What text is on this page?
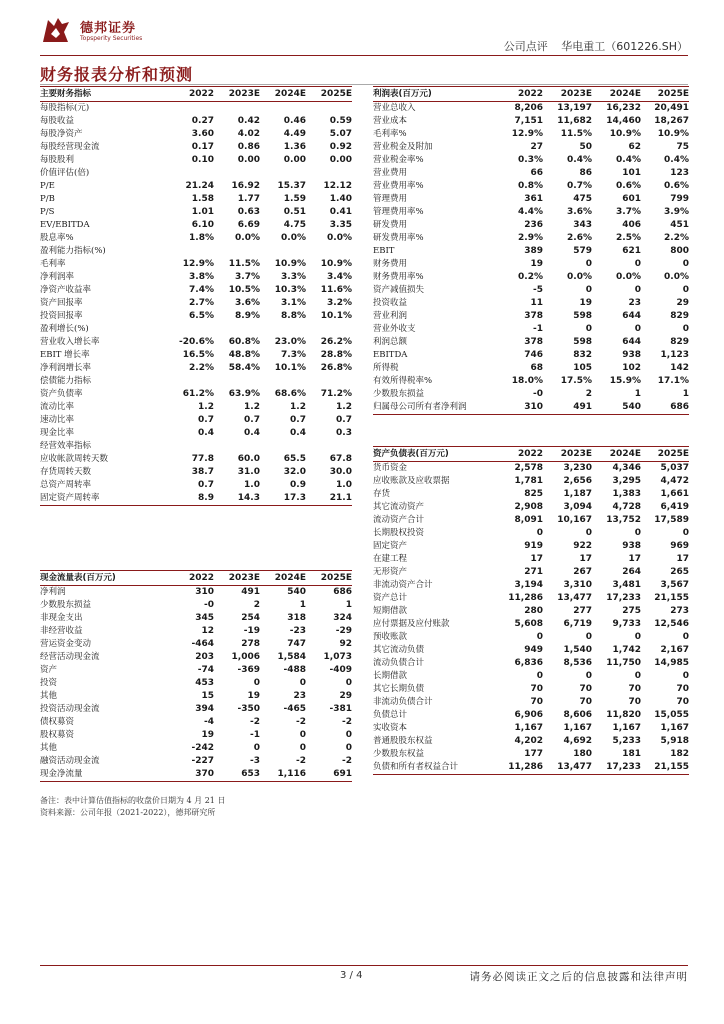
德邦证券
Topsperity Securities
公司点评 华电重工（601226.SH）
财务报表分析和预测
主要财务指标	2022	2023E	2024E	2025E
每股指标(元)				
每股收益	0.27	0.42	0.46	0.59
每股净资产	3.60	4.02	4.49	5.07
每股经营现金流	0.17	0.86	1.36	0.92
每股股利	0.10	0.00	0.00	0.00
价值评估(倍)				
P/E	21.24	16.92	15.37	12.12
P/B	1.58	1.77	1.59	1.40
P/S	1.01	0.63	0.51	0.41
EV/EBITDA	6.10	6.69	4.75	3.35
股息率%	1.8%	0.0%	0.0%	0.0%
盈利能力指标(%)				
毛利率	12.9%	11.5%	10.9%	10.9%
净利润率	3.8%	3.7%	3.3%	3.4%
净资产收益率	7.4%	10.5%	10.3%	11.6%
资产回报率	2.7%	3.6%	3.1%	3.2%
投资回报率	6.5%	8.9%	8.8%	10.1%
盈利增长(%)				
营业收入增长率	-20.6%	60.8%	23.0%	26.2%
EBIT 增长率	16.5%	48.8%	7.3%	28.8%
净利润增长率	2.2%	58.4%	10.1%	26.8%
偿债能力指标				
资产负债率	61.2%	63.9%	68.6%	71.2%
流动比率	1.2	1.2	1.2	1.2
速动比率	0.7	0.7	0.7	0.7
现金比率	0.4	0.4	0.4	0.3
经营效率指标				
应收帐款周转天数	77.8	60.0	65.5	67.8
存货周转天数	38.7	31.0	32.0	30.0
总资产周转率	0.7	1.0	0.9	1.0
固定资产周转率	8.9	14.3	17.3	21.1
现金流量表(百万元)	2022	2023E	2024E	2025E
净利润	310	491	540	686
少数股东损益	-0	2	1	1
非现金支出	345	254	318	324
非经营收益	12	-19	-23	-29
营运资金变动	-464	278	747	92
经营活动现金流	203	1,006	1,584	1,073
资产	-74	-369	-488	-409
投资	453	0	0	0
其他	15	19	23	29
投资活动现金流	394	-350	-465	-381
债权募资	-4	-2	-2	-2
股权募资	19	-1	0	0
其他	-242	0	0	0
融资活动现金流	-227	-3	-2	-2
现金净流量	370	653	1,116	691
利润表(百万元)	2022	2023E	2024E	2025E
营业总收入	8,206	13,197	16,232	20,491
营业成本	7,151	11,682	14,460	18,267
毛利率%	12.9%	11.5%	10.9%	10.9%
营业税金及附加	27	50	62	75
营业税金率%	0.3%	0.4%	0.4%	0.4%
营业费用	66	86	101	123
营业费用率%	0.8%	0.7%	0.6%	0.6%
管理费用	361	475	601	799
管理费用率%	4.4%	3.6%	3.7%	3.9%
研发费用	236	343	406	451
研发费用率%	2.9%	2.6%	2.5%	2.2%
EBIT	389	579	621	800
财务费用	19	0	0	0
财务费用率%	0.2%	0.0%	0.0%	0.0%
资产减值损失	-5	0	0	0
投资收益	11	19	23	29
营业利润	378	598	644	829
营业外收支	-1	0	0	0
利润总额	378	598	644	829
EBITDA	746	832	938	1,123
所得税	68	105	102	142
有效所得税率%	18.0%	17.5%	15.9%	17.1%
少数股东损益	-0	2	1	1
归属母公司所有者净利润	310	491	540	686
资产负债表(百万元)	2022	2023E	2024E	2025E
货币资金	2,578	3,230	4,346	5,037
应收账款及应收票据	1,781	2,656	3,295	4,472
存货	825	1,187	1,383	1,661
其它流动资产	2,908	3,094	4,728	6,419
流动资产合计	8,091	10,167	13,752	17,589
长期股权投资	0	0	0	0
固定资产	919	922	938	969
在建工程	17	17	17	17
无形资产	271	267	264	265
非流动资产合计	3,194	3,310	3,481	3,567
资产总计	11,286	13,477	17,233	21,155
短期借款	280	277	275	273
应付票据及应付账款	5,608	6,719	9,733	12,546
预收账款	0	0	0	0
其它流动负债	949	1,540	1,742	2,167
流动负债合计	6,836	8,536	11,750	14,985
长期借款	0	0	0	0
其它长期负债	70	70	70	70
非流动负债合计	70	70	70	70
负债总计	6,906	8,606	11,820	15,055
实收资本	1,167	1,167	1,167	1,167
普通股股东权益	4,202	4,692	5,233	5,918
少数股东权益	177	180	181	182
负债和所有者权益合计	11,286	13,477	17,233	21,155
备注：表中计算估值指标的收盘价日期为 4 月 21 日
资料来源：公司年报（2021-2022），德邦研究所
3 / 4	请务必阅读正文之后的信息披露和法律声明
